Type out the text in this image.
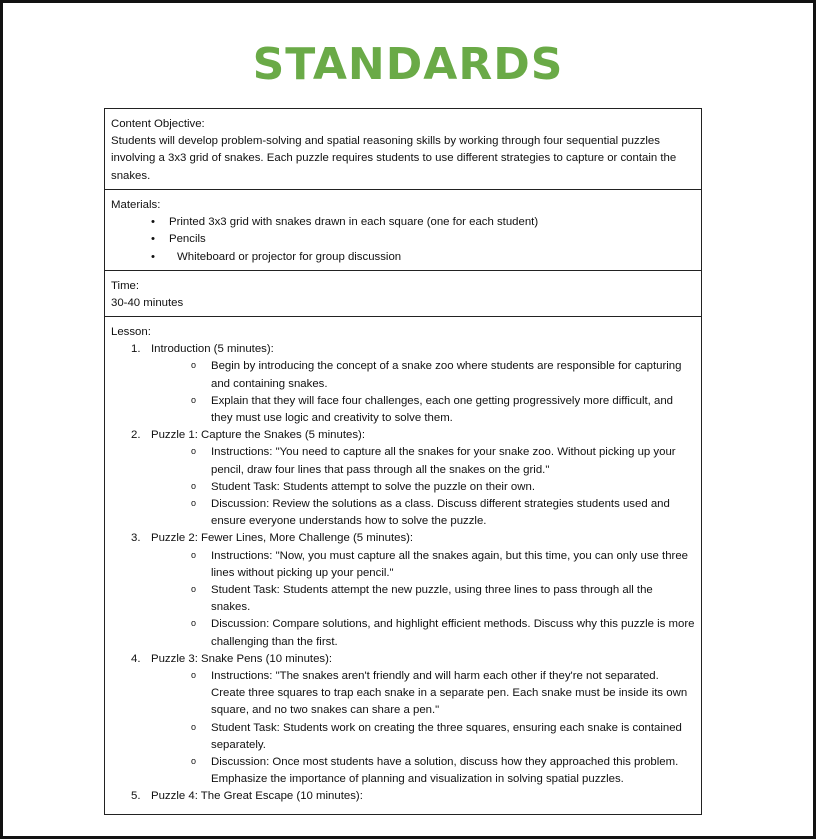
STANDARDS
Content Objective:
Students will develop problem-solving and spatial reasoning skills by working through four sequential puzzles involving a 3x3 grid of snakes. Each puzzle requires students to use different strategies to capture or contain the snakes.
Materials:
• Printed 3x3 grid with snakes drawn in each square (one for each student)
• Pencils
• Whiteboard or projector for group discussion
Time:
30-40 minutes
Lesson:
1. Introduction (5 minutes):
o Begin by introducing the concept of a snake zoo where students are responsible for capturing and containing snakes.
o Explain that they will face four challenges, each one getting progressively more difficult, and they must use logic and creativity to solve them.
2. Puzzle 1: Capture the Snakes (5 minutes):
o Instructions: "You need to capture all the snakes for your snake zoo. Without picking up your pencil, draw four lines that pass through all the snakes on the grid."
o Student Task: Students attempt to solve the puzzle on their own.
o Discussion: Review the solutions as a class. Discuss different strategies students used and ensure everyone understands how to solve the puzzle.
3. Puzzle 2: Fewer Lines, More Challenge (5 minutes):
o Instructions: "Now, you must capture all the snakes again, but this time, you can only use three lines without picking up your pencil."
o Student Task: Students attempt the new puzzle, using three lines to pass through all the snakes.
o Discussion: Compare solutions, and highlight efficient methods. Discuss why this puzzle is more challenging than the first.
4. Puzzle 3: Snake Pens (10 minutes):
o Instructions: "The snakes aren't friendly and will harm each other if they're not separated. Create three squares to trap each snake in a separate pen. Each snake must be inside its own square, and no two snakes can share a pen."
o Student Task: Students work on creating the three squares, ensuring each snake is contained separately.
o Discussion: Once most students have a solution, discuss how they approached this problem. Emphasize the importance of planning and visualization in solving spatial puzzles.
5. Puzzle 4: The Great Escape (10 minutes):
